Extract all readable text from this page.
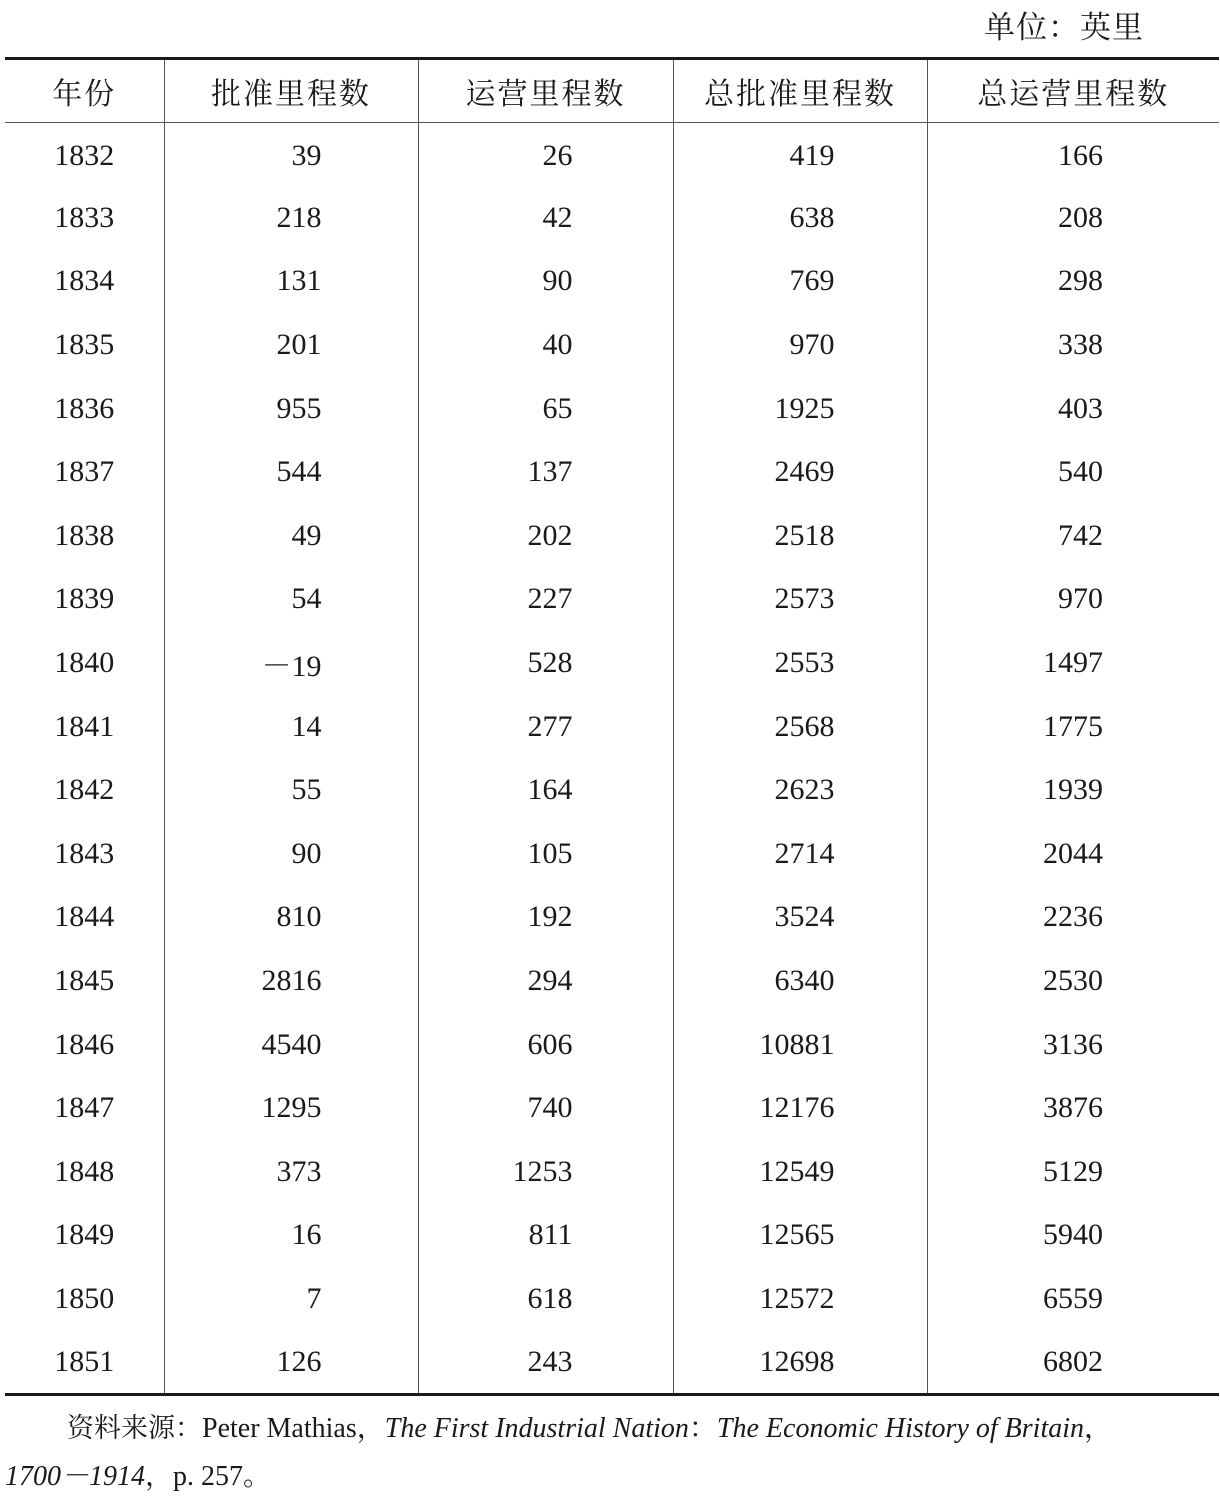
单位：英里
年份	批准里程数	运营里程数	总批准里程数	总运营里程数
1832	39	26	419	166
1833	218	42	638	208
1834	131	90	769	298
1835	201	40	970	338
1836	955	65	1925	403
1837	544	137	2469	540
1838	49	202	2518	742
1839	54	227	2573	970
1840	－19	528	2553	1497
1841	14	277	2568	1775
1842	55	164	2623	1939
1843	90	105	2714	2044
1844	810	192	3524	2236
1845	2816	294	6340	2530
1846	4540	606	10881	3136
1847	1295	740	12176	3876
1848	373	1253	12549	5129
1849	16	811	12565	5940
1850	7	618	12572	6559
1851	126	243	12698	6802
资料来源：Peter Mathias，The First Industrial Nation：The Economic History of Britain，
1700－1914，p. 257。
